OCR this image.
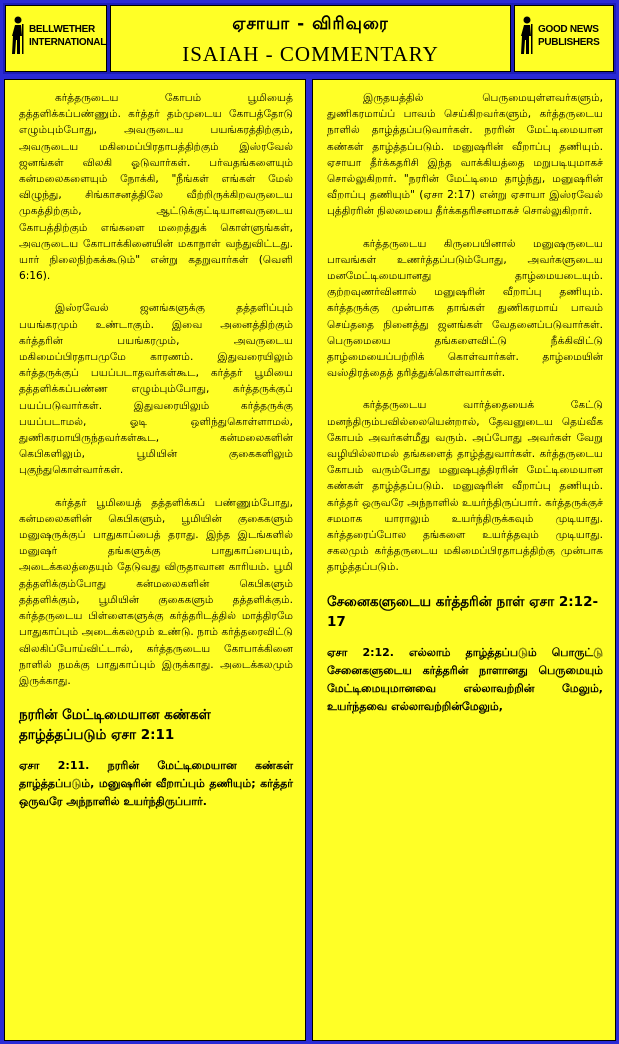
BELLWETHER
INTERNATIONAL
ஏசாயா - விரிவுரை
ISAIAH - COMMENTARY
GOOD NEWS
PUBLISHERS

கர்த்தருடைய கோபம் பூமியைத் தத்தளிக்கப்பண்ணும். கர்த்தர் தம்முடைய கோபத்தோடு எழும்பும்போது, அவருடைய பயங்கரத்திற்கும், அவருடைய மகிமைப்பிரதாபத்திற்கும் இஸ்ரவேல் ஜனங்கள் விலகி ஓடுவார்கள். பர்வதங்களையும் கன்மலைகளையும் நோக்கி, "நீங்கள் எங்கள் மேல் விழுந்து, சிங்காசனத்திலே வீற்றிருக்கிறவருடைய முகத்திற்கும், ஆட்டுக்குட்டியானவருடைய கோபத்திற்கும் எங்களை மறைத்துக் கொள்ளுங்கள், அவருடைய கோபாக்கினையின் மகாநாள் வந்துவிட்டது. யார் நிலைநிற்கக்கூடும்" என்று கதறுவார்கள் (வெளி 6:16).

இஸ்ரவேல் ஜனங்களுக்கு தத்தளிப்பும் பயங்கரமும் உண்டாகும். இவை அனைத்திற்கும் கர்த்தரின் பயங்கரமும், அவருடைய மகிமைப்பிரதாபமுமே காரணம். இதுவரையிலும் கர்த்தருக்குப் பயப்படாதவர்கள்கூட, கர்த்தர் பூமியை தத்தளிக்கப்பண்ண எழும்பும்போது, கர்த்தருக்குப் பயப்படுவார்கள். இதுவரையிலும் கர்த்தருக்கு பயப்படாமல், ஓடி ஒளிந்துகொள்ளாமல், துணிகரமாயிருந்தவர்கள்கூட, கன்மலைகளின் கெபிகளிலும், பூமியின் குகைகளிலும் புகுந்துகொள்வார்கள்.

கர்த்தர் பூமியைத் தத்தளிக்கப் பண்ணும்போது, கன்மலைகளின் கெபிகளும், பூமியின் குகைகளும் மனுஷருக்குப் பாதுகாப்பைத் தராது. இந்த இடங்களில் மனுஷர் தங்களுக்கு பாதுகாப்பையும், அடைக்கலத்தையும் தேடுவது விருதாவான காரியம். பூமி தத்தளிக்கும்போது கன்மலைகளின் கெபிகளும் தத்தளிக்கும், பூமியின் குகைகளும் தத்தளிக்கும். கர்த்தருடைய பிள்ளைகளுக்கு கர்த்தரிடத்தில் மாத்திரமே பாதுகாப்பும் அடைக்கலமும் உண்டு. நாம் கர்த்தரைவிட்டு விலகிப்போய்விட்டால், கர்த்தருடைய கோபாக்கினை நாளில் நமக்கு பாதுகாப்பும் இருக்காது. அடைக்கலமும் இருக்காது.

நரரின் மேட்டிமையான கண்கள் தாழ்த்தப்படும் ஏசா 2:11

ஏசா 2:11. நரரின் மேட்டிமையான கண்கள் தாழ்த்தப்படும், மனுஷரின் வீறாப்பும் தணியும்; கர்த்தர் ஒருவரே அந்நாளில் உயர்ந்திருப்பார்.

இருதயத்தில் பெருமையுள்ளவர்களும், துணிகரமாய்ப் பாவம் செய்கிறவர்களும், கர்த்தருடைய நாளில் தாழ்த்தப்படுவார்கள். நரரின் மேட்டிமையான கண்கள் தாழ்த்தப்படும். மனுஷரின் வீறாப்பு தணியும். ஏசாயா தீர்க்கதரிசி இந்த வாக்கியத்தை மறுபடியுமாகச் சொல்லுகிறார். "நரரின் மேட்டிமை தாழ்ந்து, மனுஷரின் வீறாப்பு தணியும்" (ஏசா 2:17) என்று ஏசாயா இஸ்ரவேல் புத்திரரின் நிலமையை தீர்க்கதரிசனமாகச் சொல்லுகிறார்.

கர்த்தருடைய கிருபையினால் மனுஷருடைய பாவங்கள் உணர்த்தப்படும்போது, அவர்களுடைய மனமேட்டிமையானது தாழ்மையடையும். குற்றவுணர்வினால் மனுஷரின் வீறாப்பு தணியும். கர்த்தருக்கு முன்பாக தாங்கள் துணிகரமாய் பாவம் செய்ததை நினைத்து ஜனங்கள் வேதனைப்படுவார்கள். பெருமையை தங்களைவிட்டு நீக்கிவிட்டு தாழ்மையைப்பற்றிக் கொள்வார்கள். தாழ்மையின் வஸ்திரத்தைத் தரித்துக்கொள்வார்கள்.

கர்த்தருடைய வார்த்தையைக் கேட்டு மனந்திரும்பவில்லையென்றால், தேவனுடைய தெய்வீக கோபம் அவர்கள்மீது வரும். அப்போது அவர்கள் வேறு வழியில்லாமல் தங்களைத் தாழ்த்துவார்கள். கர்த்தருடைய கோபம் வரும்போது மனுஷபுத்திரரின் மேட்டிமையான கண்கள் தாழ்த்தப்படும். மனுஷரின் வீறாப்பு தணியும். கர்த்தர் ஒருவரே அந்நாளில் உயர்ந்திருப்பார். கர்த்தருக்குச் சமமாக யாராலும் உயர்ந்திருக்கவும் முடியாது. கர்த்தரைப்போல தங்களை உயர்த்தவும் முடியாது. சகலமும் கர்த்தருடைய மகிமைப்பிரதாபத்திற்கு முன்பாக தாழ்த்தப்படும்.

சேனைகளுடைய கர்த்தரின் நாள் ஏசா 2:12-17

ஏசா 2:12. எல்லாம் தாழ்த்தப்படும் பொருட்டு சேனைகளுடைய கர்த்தரின் நாளானது பெருமையும் மேட்டிமையுமானவை எல்லாவற்றின் மேலும், உயர்ந்தவை எல்லாவற்றின்மேலும்,
